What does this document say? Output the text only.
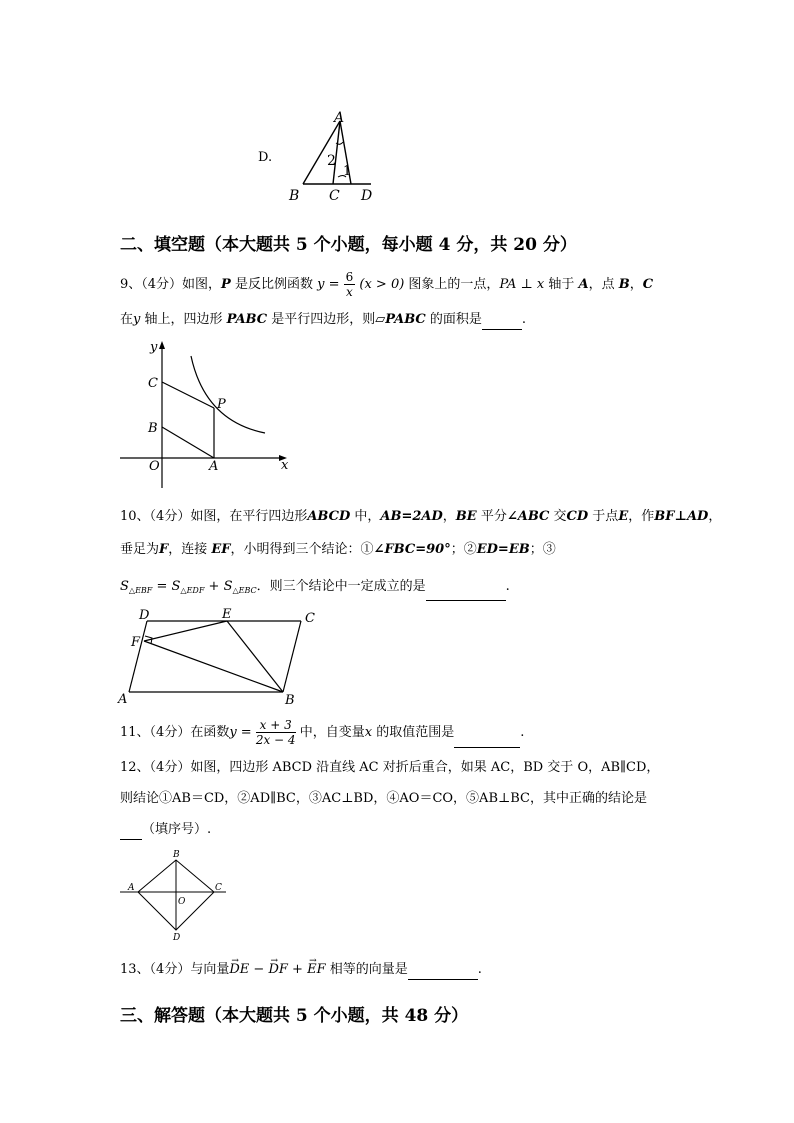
D.
A
B C D
2
1
二、填空题（本大题共 5 个小题，每小题 4 分，共 20 分）
9、（4分）如图，P 是反比例函数 $y = \frac{6}{x} (x > 0)$ 图象上的一点，PA ⊥ x 轴于 A，点 B，C
在y 轴上，四边形 PABC 是平行四边形，则▱PABC 的面积是	.
y
x
C
B
O	A
P
10、（4分）如图，在平行四边形ABCD 中，AB=2AD，BE 平分∠ABC 交CD 于点E，作BF⊥AD，
垂足为F，连接 EF，小明得到三个结论：①∠FBC=90°；②ED=EB；③
$S_{\triangle EBF} = S_{\triangle EDF} + S_{\triangle EBC}$．则三个结论中一定成立的是	.
D	E	C
F
A	B
11、（4分）在函数$y = \frac{x + 3}{2x - 4}$ 中，自变量x 的取值范围是	.
12、（4分）如图，四边形 ABCD 沿直线 AC 对折后重合，如果 AC，BD 交于 O，AB∥CD，
则结论①AB＝CD，②AD∥BC，③AC⊥BD，④AO＝CO，⑤AB⊥BC，其中正确的结论是
（填序号）.
A
B
C
D
O
13、（4分）与向量→ DE − → DF + → EF 相等的向量是	.
三、解答题（本大题共 5 个小题，共 48 分）
